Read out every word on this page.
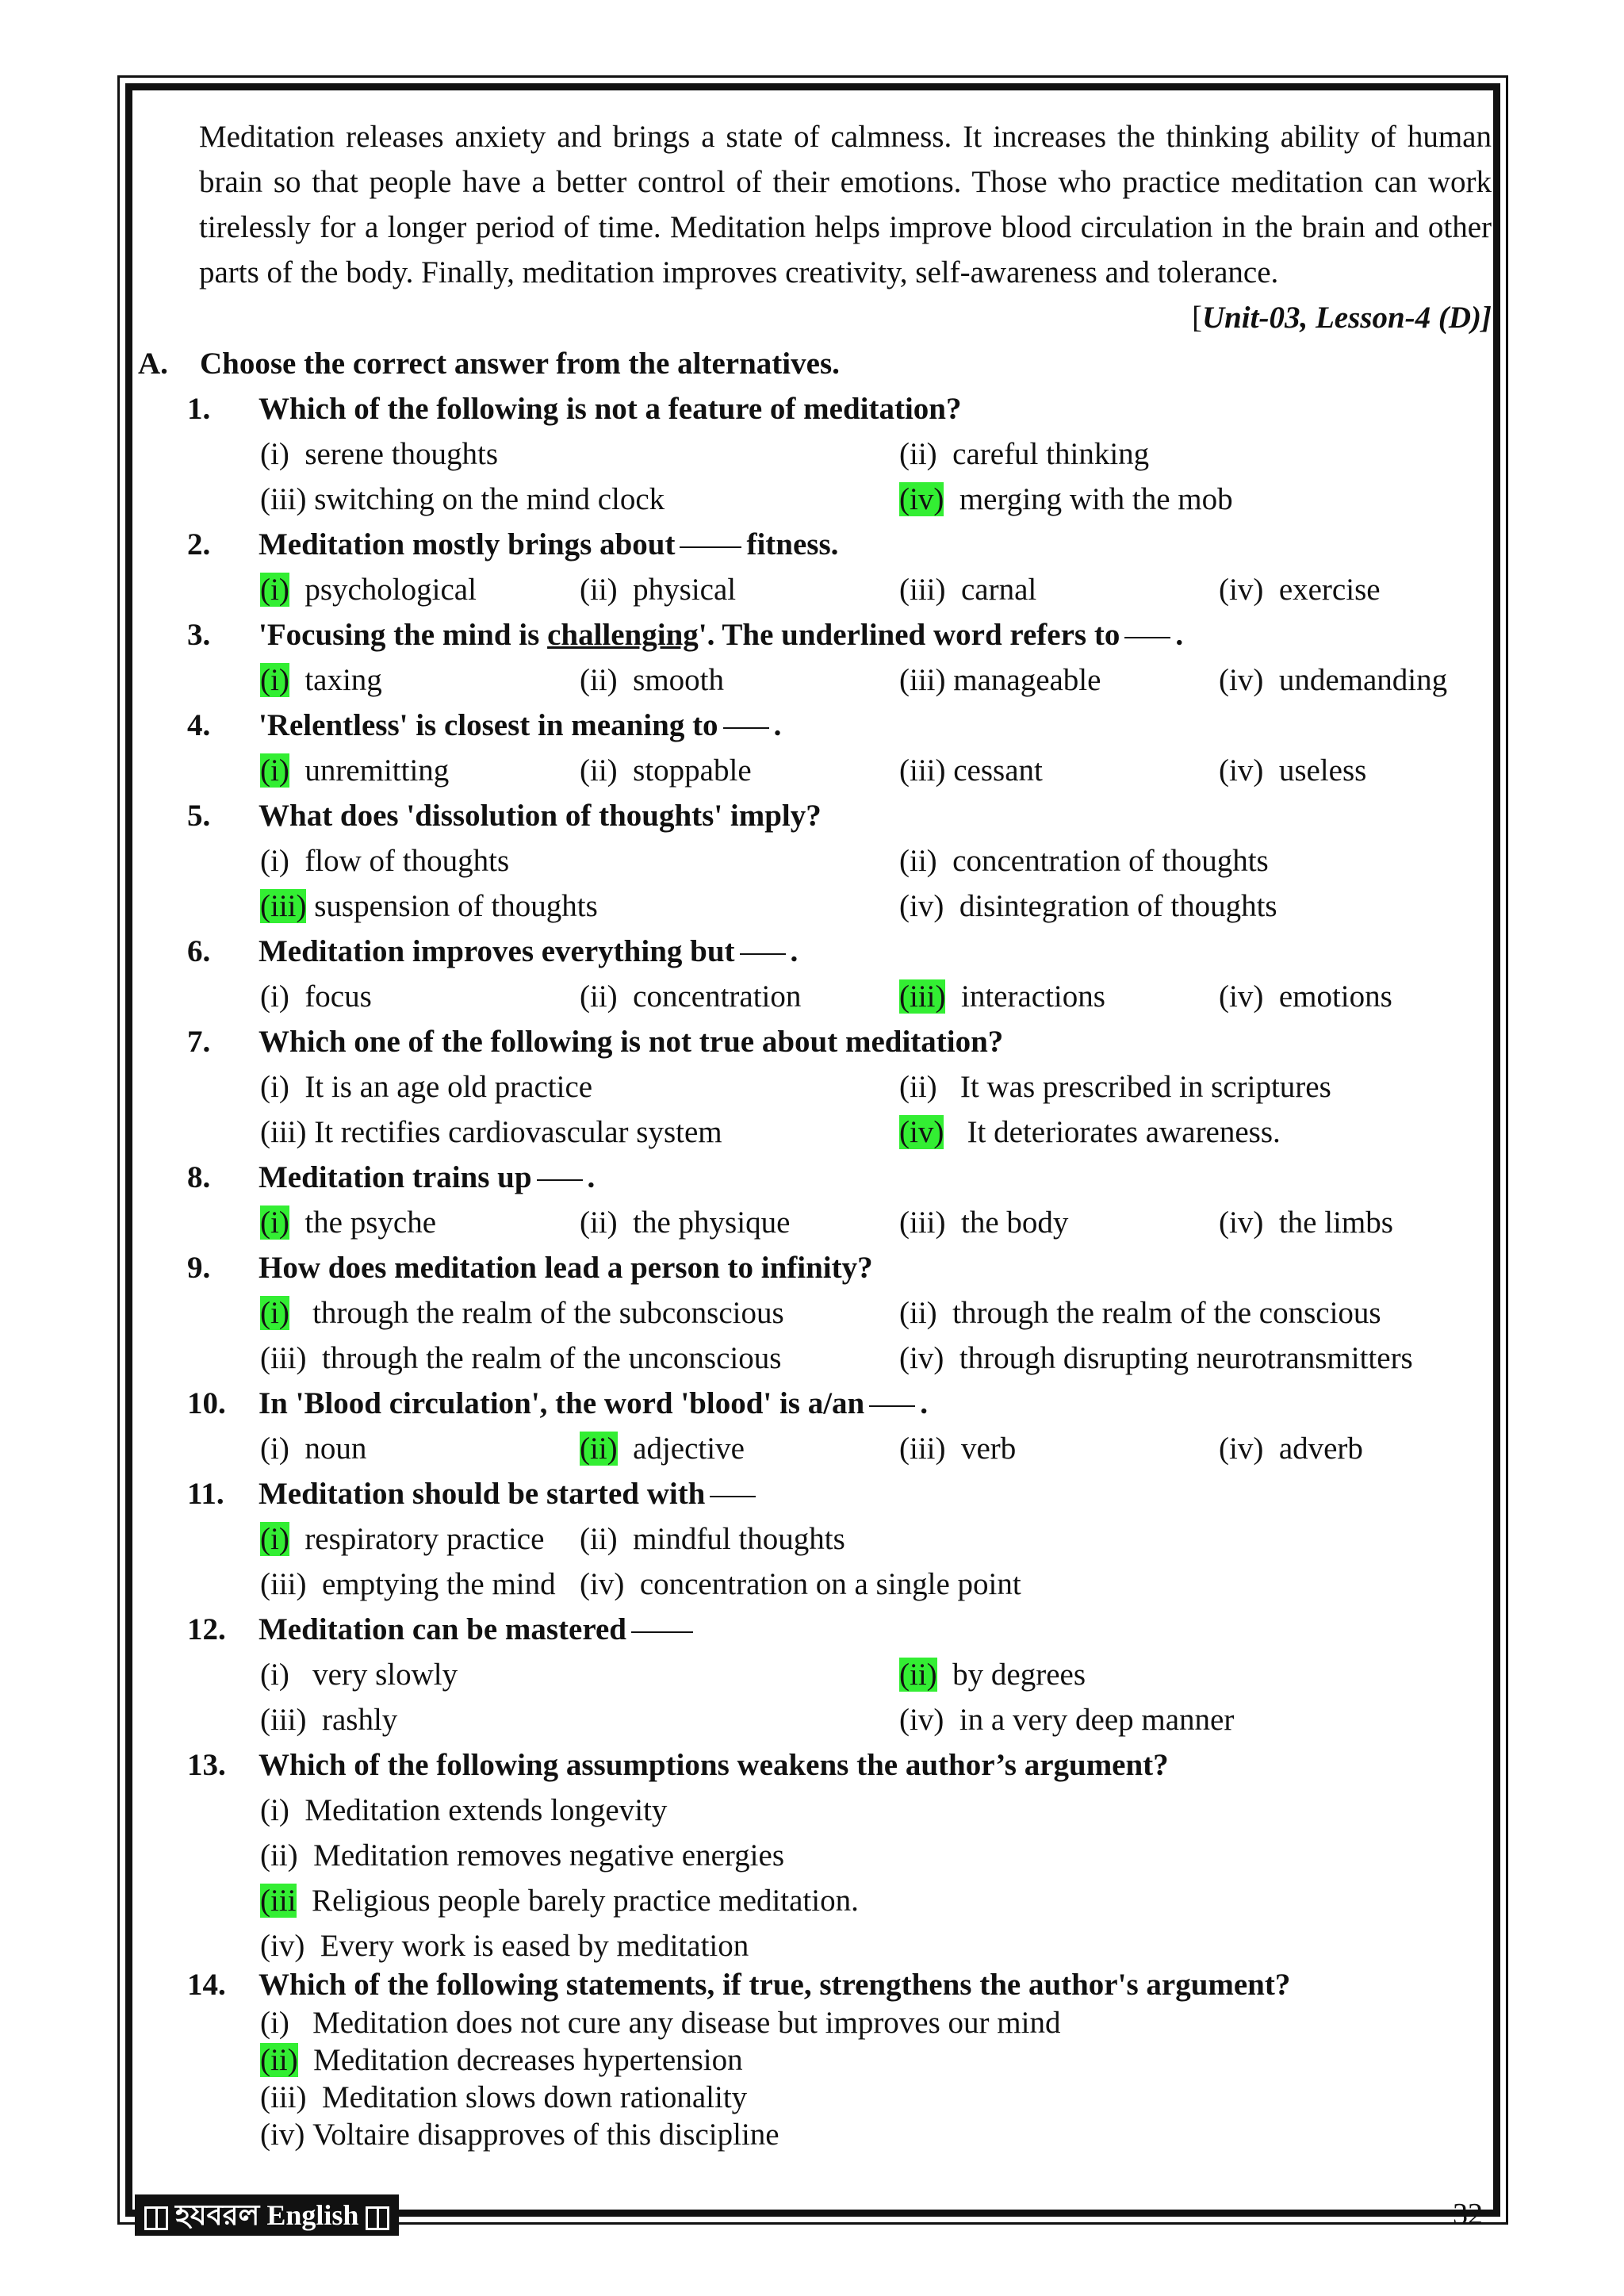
Meditation releases anxiety and brings a state of calmness. It increases the thinking ability of human brain so that people have a better control of their emotions. Those who practice meditation can work tirelessly for a longer period of time. Meditation helps improve blood circulation in the brain and other parts of the body. Finally, meditation improves creativity, self-awareness and tolerance.
[Unit-03, Lesson-4 (D)]
A. Choose the correct answer from the alternatives.
1. Which of the following is not a feature of meditation?
(i) serene thoughts	(ii) careful thinking
(iii) switching on the mind clock	(iv) merging with the mob
2. Meditation mostly brings about fitness.
(i) psychological	(ii) physical	(iii) carnal	(iv) exercise
3. 'Focusing the mind is challenging'. The underlined word refers to .
(i) taxing	(ii) smooth	(iii) manageable	(iv) undemanding
4. 'Relentless' is closest in meaning to .
(i) unremitting	(ii) stoppable	(iii) cessant	(iv) useless
5. What does 'dissolution of thoughts' imply?
(i) flow of thoughts	(ii) concentration of thoughts
(iii) suspension of thoughts	(iv) disintegration of thoughts
6. Meditation improves everything but .
(i) focus	(ii) concentration	(iii) interactions	(iv) emotions
7. Which one of the following is not true about meditation?
(i) It is an age old practice	(ii) It was prescribed in scriptures
(iii) It rectifies cardiovascular system	(iv) It deteriorates awareness.
8. Meditation trains up .
(i) the psyche	(ii) the physique	(iii) the body	(iv) the limbs
9. How does meditation lead a person to infinity?
(i) through the realm of the subconscious	(ii) through the realm of the conscious
(iii) through the realm of the unconscious	(iv) through disrupting neurotransmitters
10. In 'Blood circulation', the word 'blood' is a/an .
(i) noun	(ii) adjective	(iii) verb	(iv) adverb
11. Meditation should be started with
(i) respiratory practice (ii) mindful thoughts
(iii) emptying the mind (iv) concentration on a single point
12. Meditation can be mastered
(i) very slowly	(ii) by degrees
(iii) rashly	(iv) in a very deep manner
13. Which of the following assumptions weakens the author’s argument?
(i) Meditation extends longevity
(ii) Meditation removes negative energies
(iii Religious people barely practice meditation.
(iv) Every work is eased by meditation
14. Which of the following statements, if true, strengthens the author's argument?
(i) Meditation does not cure any disease but improves our mind
(ii) Meditation decreases hypertension
(iii) Meditation slows down rationality
(iv) Voltaire disapproves of this discipline
হযবরল English	32
